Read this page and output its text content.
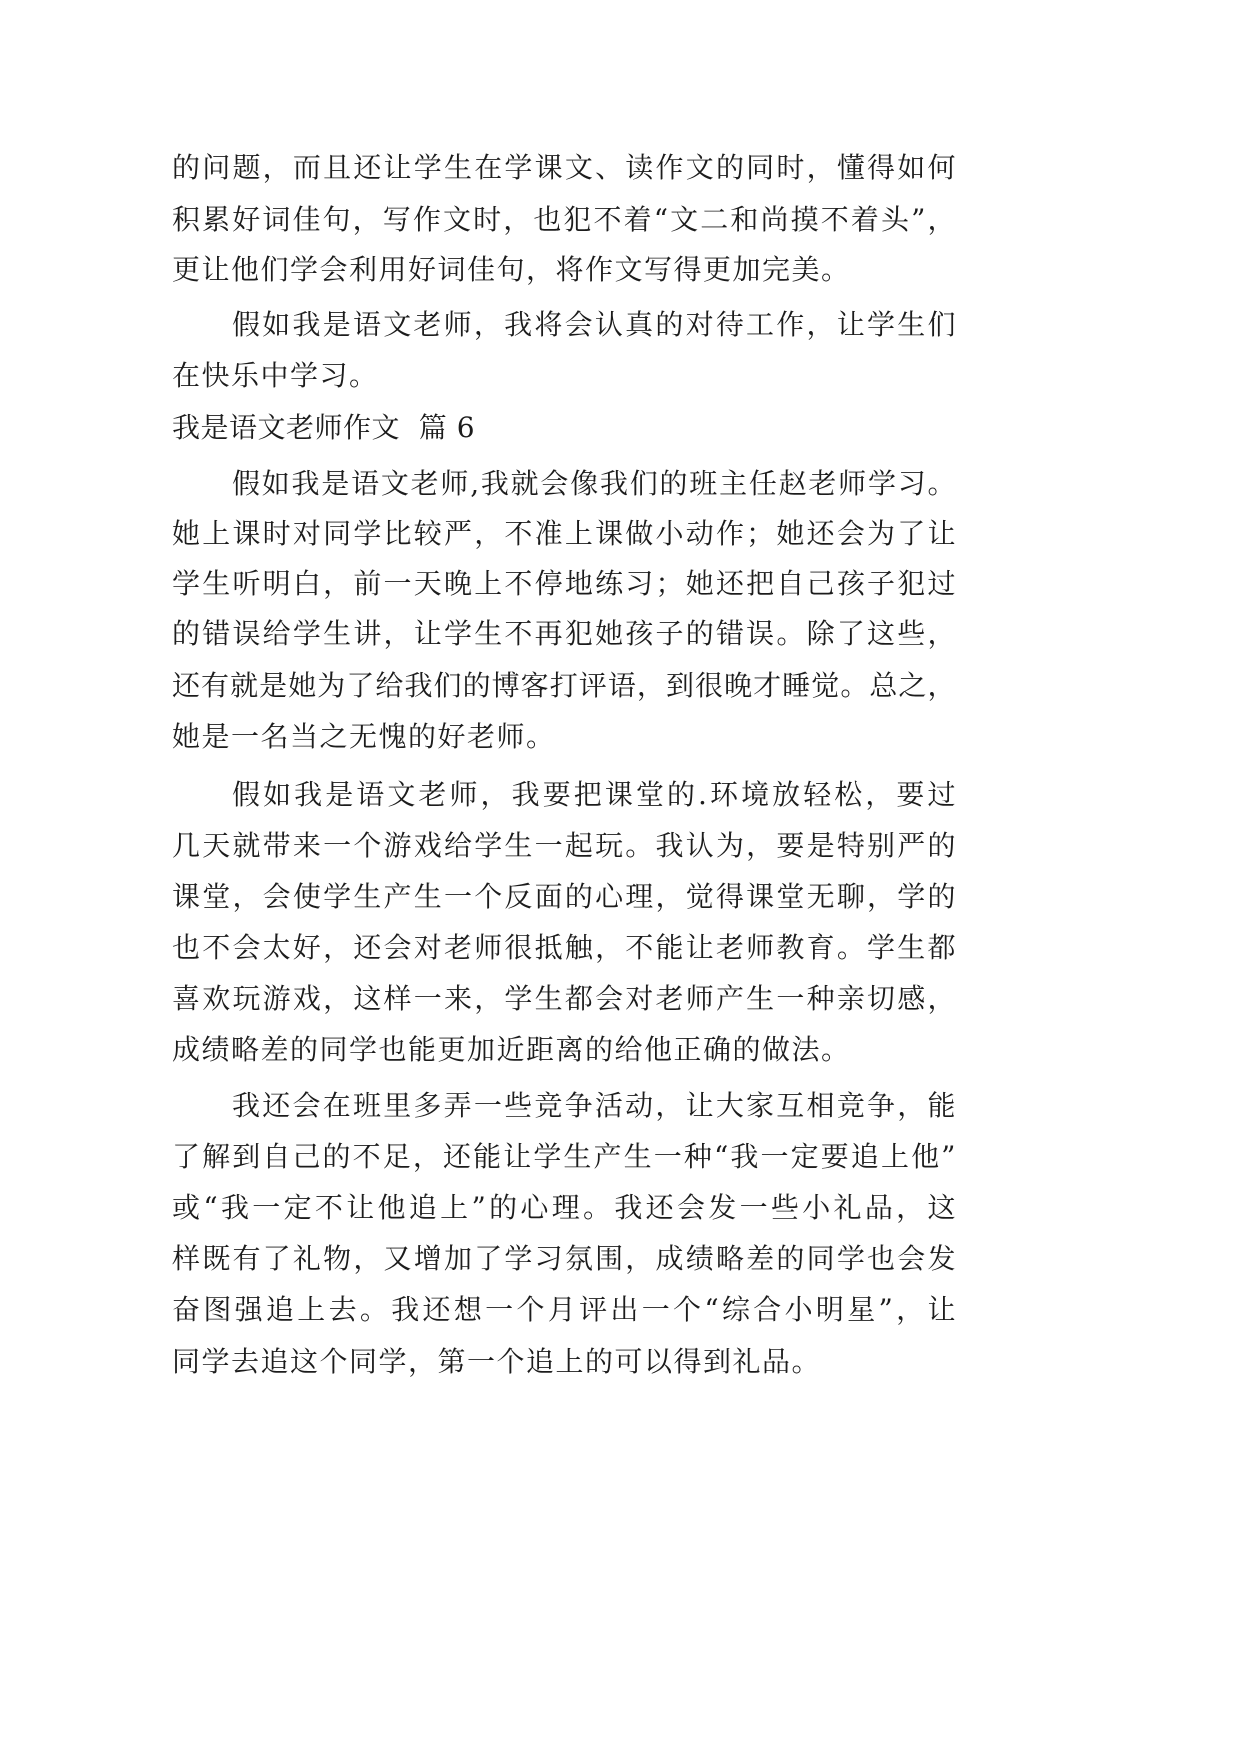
的问题，而且还让学生在学课文、读作文的同时，懂得如何
积累好词佳句，写作文时，也犯不着“文二和尚摸不着头”，
更让他们学会利用好词佳句，将作文写得更加完美。
假如我是语文老师，我将会认真的对待工作，让学生们
在快乐中学习。
我是语文老师作文  篇 6
假如我是语文老师,我就会像我们的班主任赵老师学习。
她上课时对同学比较严，不准上课做小动作；她还会为了让
学生听明白，前一天晚上不停地练习；她还把自己孩子犯过
的错误给学生讲，让学生不再犯她孩子的错误。除了这些，
还有就是她为了给我们的博客打评语，到很晚才睡觉。总之，
她是一名当之无愧的好老师。
假如我是语文老师，我要把课堂的.环境放轻松，要过
几天就带来一个游戏给学生一起玩。我认为，要是特别严的
课堂，会使学生产生一个反面的心理，觉得课堂无聊，学的
也不会太好，还会对老师很抵触，不能让老师教育。学生都
喜欢玩游戏，这样一来，学生都会对老师产生一种亲切感，
成绩略差的同学也能更加近距离的给他正确的做法。
我还会在班里多弄一些竞争活动，让大家互相竞争，能
了解到自己的不足，还能让学生产生一种“我一定要追上他”
或“我一定不让他追上”的心理。我还会发一些小礼品，这
样既有了礼物，又增加了学习氛围，成绩略差的同学也会发
奋图强追上去。我还想一个月评出一个“综合小明星”，让
同学去追这个同学，第一个追上的可以得到礼品。
